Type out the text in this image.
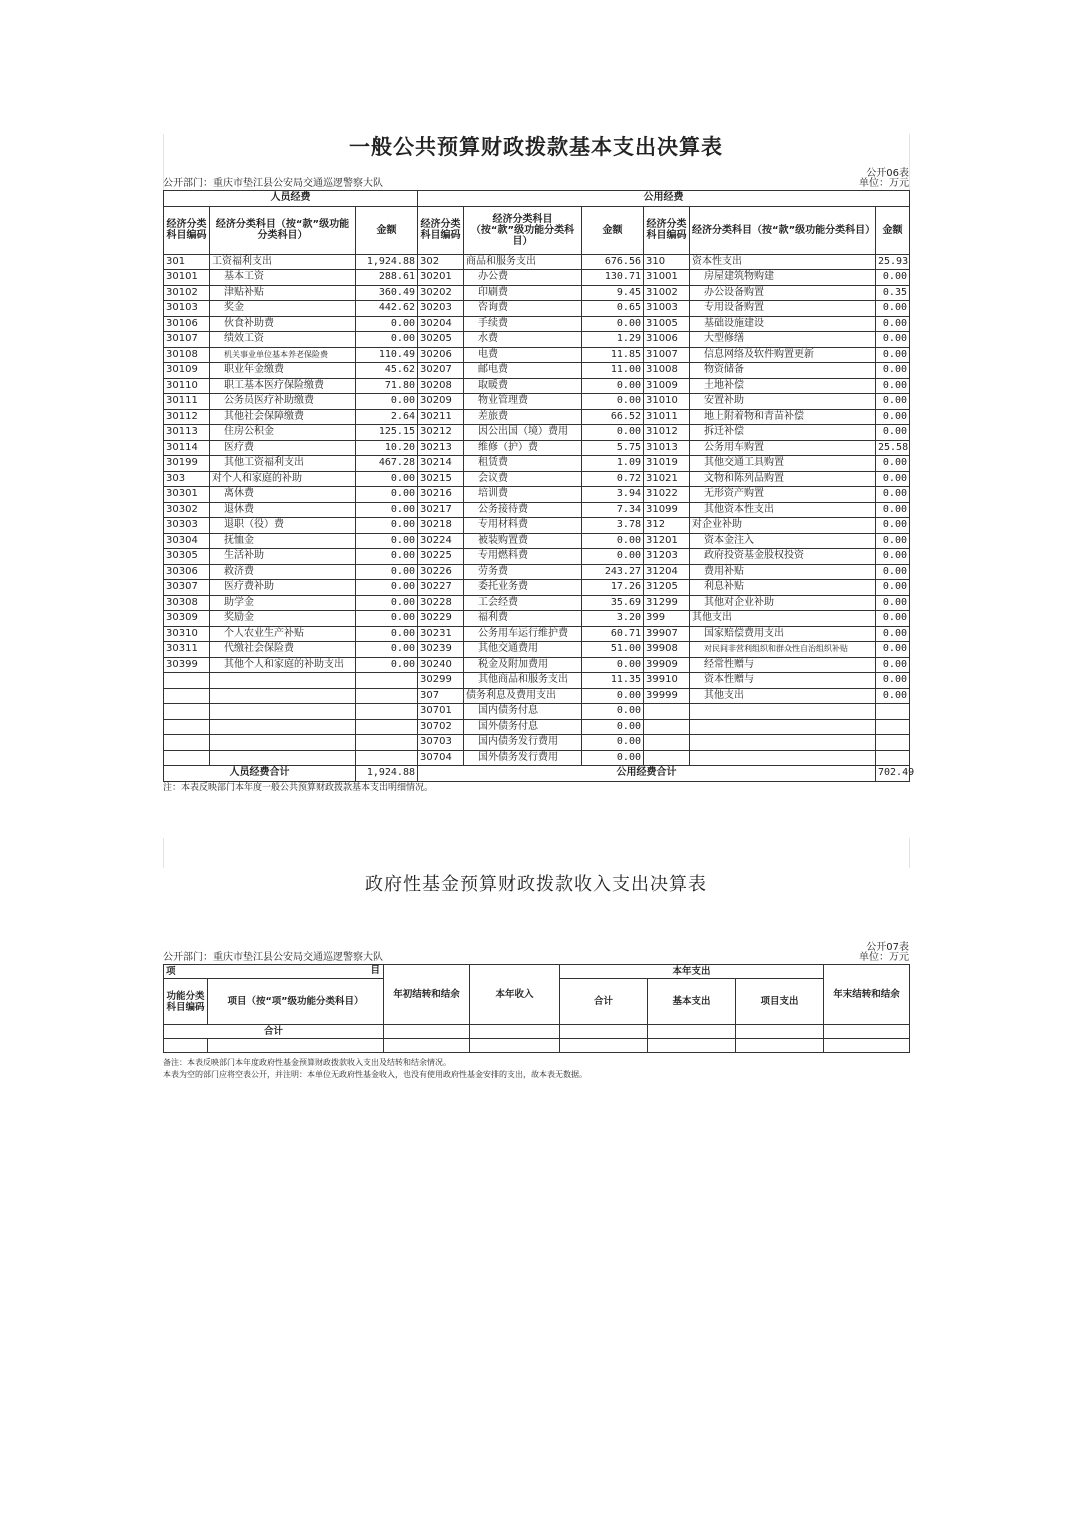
一般公共预算财政拨款基本支出决算表
公开06表
公开部门：重庆市垫江县公安局交通巡逻警察大队	单位：万元
人员经费			公用经费					
经济分类科目编码	经济分类科目（按“款”级功能分类科目）	金额	经济分类科目编码	经济分类科目（按“款”级功能分类科目）	金额	经济分类科目编码	经济分类科目（按“款”级功能分类科目）	金额
301	工资福利支出	1,924.88	302	商品和服务支出	676.56	310	资本性支出	25.93
30101	基本工资	288.61	30201	办公费	130.71	31001	房屋建筑物购建	0.00
30102	津贴补贴	360.49	30202	印刷费	9.45	31002	办公设备购置	0.35
30103	奖金	442.62	30203	咨询费	0.65	31003	专用设备购置	0.00
30106	伙食补助费	0.00	30204	手续费	0.00	31005	基础设施建设	0.00
30107	绩效工资	0.00	30205	水费	1.29	31006	大型修缮	0.00
30108	机关事业单位基本养老保险费	110.49	30206	电费	11.85	31007	信息网络及软件购置更新	0.00
30109	职业年金缴费	45.62	30207	邮电费	11.00	31008	物资储备	0.00
30110	职工基本医疗保险缴费	71.80	30208	取暖费	0.00	31009	土地补偿	0.00
30111	公务员医疗补助缴费	0.00	30209	物业管理费	0.00	31010	安置补助	0.00
30112	其他社会保障缴费	2.64	30211	差旅费	66.52	31011	地上附着物和青苗补偿	0.00
30113	住房公积金	125.15	30212	因公出国（境）费用	0.00	31012	拆迁补偿	0.00
30114	医疗费	10.20	30213	维修（护）费	5.75	31013	公务用车购置	25.58
30199	其他工资福利支出	467.28	30214	租赁费	1.09	31019	其他交通工具购置	0.00
303	对个人和家庭的补助	0.00	30215	会议费	0.72	31021	文物和陈列品购置	0.00
30301	离休费	0.00	30216	培训费	3.94	31022	无形资产购置	0.00
30302	退休费	0.00	30217	公务接待费	7.34	31099	其他资本性支出	0.00
30303	退职（役）费	0.00	30218	专用材料费	3.78	312	对企业补助	0.00
30304	抚恤金	0.00	30224	被装购置费	0.00	31201	资本金注入	0.00
30305	生活补助	0.00	30225	专用燃料费	0.00	31203	政府投资基金股权投资	0.00
30306	救济费	0.00	30226	劳务费	243.27	31204	费用补贴	0.00
30307	医疗费补助	0.00	30227	委托业务费	17.26	31205	利息补贴	0.00
30308	助学金	0.00	30228	工会经费	35.69	31299	其他对企业补助	0.00
30309	奖励金	0.00	30229	福利费	3.20	399	其他支出	0.00
30310	个人农业生产补贴	0.00	30231	公务用车运行维护费	60.71	39907	国家赔偿费用支出	0.00
30311	代缴社会保险费	0.00	30239	其他交通费用	51.00	39908	对民间非营利组织和群众性自治组织补贴	0.00
30399	其他个人和家庭的补助支出	0.00	30240	税金及附加费用	0.00	39909	经常性赠与	0.00
			30299	其他商品和服务支出	11.35	39910	资本性赠与	0.00
			307	债务利息及费用支出	0.00	39999	其他支出	0.00
			30701	国内债务付息	0.00			
			30702	国外债务付息	0.00			
			30703	国内债务发行费用	0.00			
			30704	国外债务发行费用	0.00			
人员经费合计		1,924.88	公用经费合计					702.49
注：本表反映部门本年度一般公共预算财政拨款基本支出明细情况。
政府性基金预算财政拨款收入支出决算表
公开07表
公开部门：重庆市垫江县公安局交通巡逻警察大队	单位：万元
项 目		年初结转和结余	本年收入	本年支出			年末结转和结余
功能分类科目编码	项目（按“项”级功能分类科目）			合计	基本支出	项目支出	
合计							

备注：本表反映部门本年度政府性基金预算财政拨款收入支出及结转和结余情况。
本表为空的部门应将空表公开，并注明：本单位无政府性基金收入，也没有使用政府性基金安排的支出，故本表无数据。
